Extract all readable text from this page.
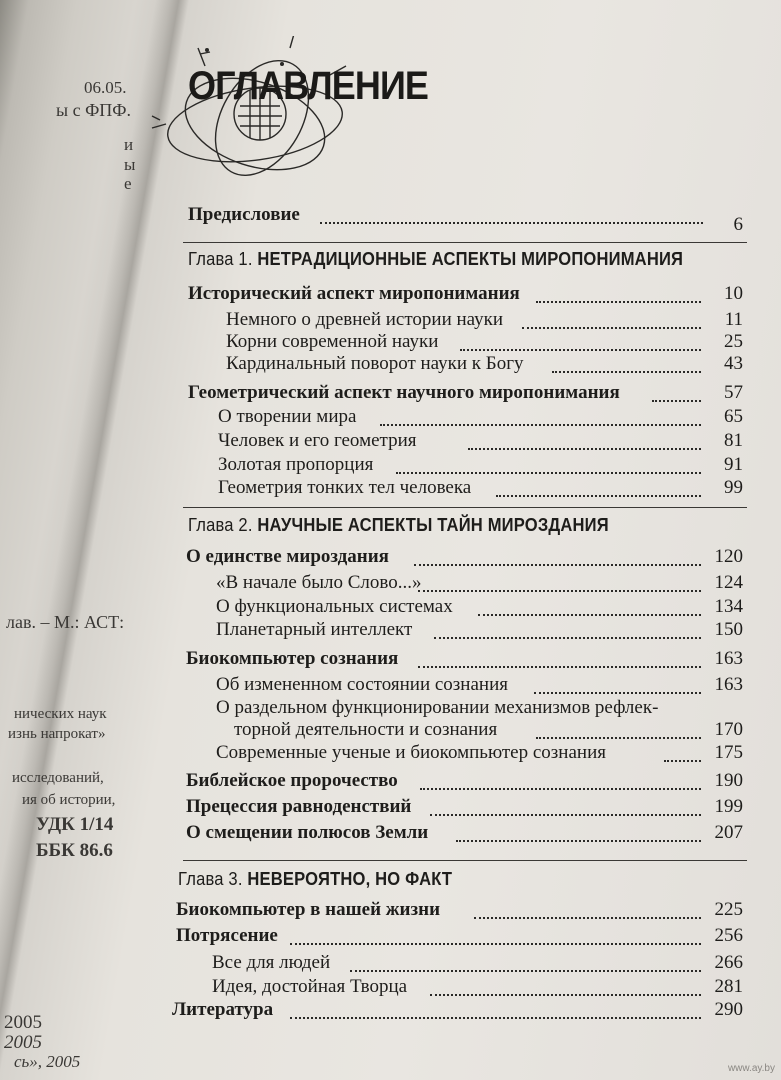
06.05.
ы с ФПФ.
и
ы
е
лав. – М.: АСТ:
нических наук
изнь напрокат»
исследований,
ия об истории,
УДК 1/14
ББК 86.6
2005
2005
сь», 2005
ОГЛАВЛЕНИЕ
Предисловие	6
Глава 1. НЕТРАДИЦИОННЫЕ АСПЕКТЫ МИРОПОНИМАНИЯ
Исторический аспект миропонимания	10
Немного о древней истории науки	11
Корни современной науки	25
Кардинальный поворот науки к Богу	43
Геометрический аспект научного миропонимания	57
О творении мира	65
Человек и его геометрия	81
Золотая пропорция	91
Геометрия тонких тел человека	99
Глава 2. НАУЧНЫЕ АСПЕКТЫ ТАЙН МИРОЗДАНИЯ
О единстве мироздания	120
«В начале было Слово...»	124
О функциональных системах	134
Планетарный интеллект	150
Биокомпьютер сознания	163
Об измененном состоянии сознания	163
О раздельном функционировании механизмов рефлек-
торной деятельности и сознания	170
Современные ученые и биокомпьютер сознания	175
Библейское пророчество	190
Прецессия равноденствий	199
О смещении полюсов Земли	207
Глава 3. НЕВЕРОЯТНО, НО ФАКТ
Биокомпьютер в нашей жизни	225
Потрясение	256
Все для людей	266
Идея, достойная Творца	281
Литература	290
www.ay.by
